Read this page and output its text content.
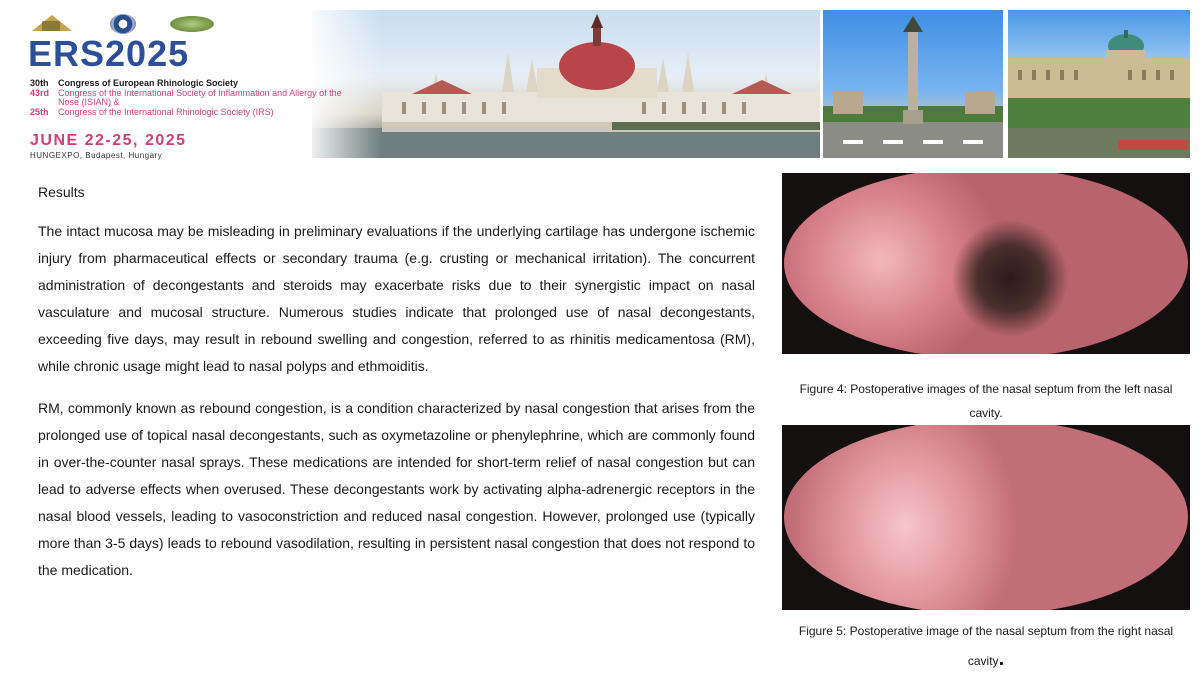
ERS2025
30th	Congress of European Rhinologic Society
43rd Congress of the International Society of Inflammation and Allergy of the Nose (ISIAN) &
25th	Congress of the International Rhinologic Society (IRS)
JUNE 22-25, 2025
HUNGEXPO, Budapest, Hungary
Results

The intact mucosa may be misleading in preliminary evaluations if the underlying cartilage has undergone ischemic injury from pharmaceutical effects or secondary trauma (e.g. crusting or mechanical irritation). The concurrent administration of decongestants and steroids may exacerbate risks due to their synergistic impact on nasal vasculature and mucosal structure. Numerous studies indicate that prolonged use of nasal decongestants, exceeding five days, may result in rebound swelling and congestion, referred to as rhinitis medicamentosa (RM), while chronic usage might lead to nasal polyps and ethmoiditis.

RM, commonly known as rebound congestion, is a condition characterized by nasal congestion that arises from the prolonged use of topical nasal decongestants, such as oxymetazoline or phenylephrine, which are commonly found in over-the-counter nasal sprays. These medications are intended for short-term relief of nasal congestion but can lead to adverse effects when overused. These decongestants work by activating alpha-adrenergic receptors in the nasal blood vessels, leading to vasoconstriction and reduced nasal congestion. However, prolonged use (typically more than 3-5 days) leads to rebound vasodilation, resulting in persistent nasal congestion that does not respond to the medication.

Figure 4: Postoperative images of the nasal septum from the left nasal cavity.
Figure 5: Postoperative image of the nasal septum from the right nasal cavity.
